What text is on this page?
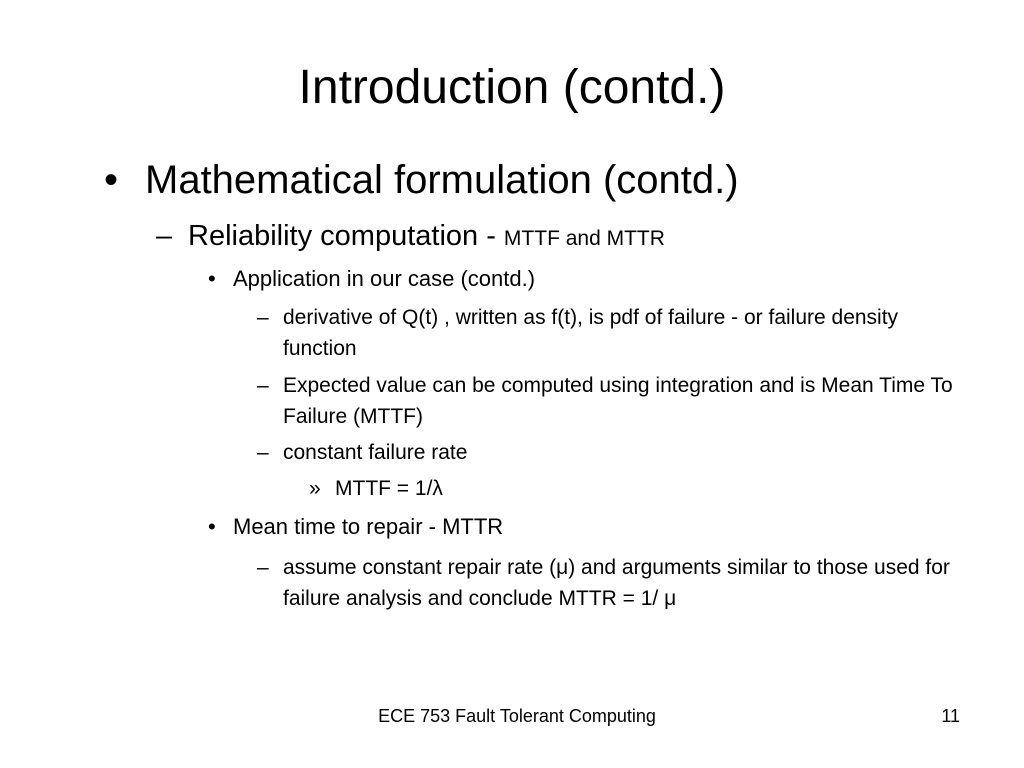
Introduction (contd.)
• Mathematical formulation (contd.)
– Reliability computation - MTTF and MTTR
• Application in our case (contd.)
– derivative of Q(t) , written as f(t), is pdf of failure - or failure density function
– Expected value can be computed using integration and is Mean Time To Failure (MTTF)
– constant failure rate
» MTTF = 1/λ
• Mean time to repair - MTTR
– assume constant repair rate (μ) and arguments similar to those used for failure analysis and conclude MTTR = 1/ μ
ECE 753 Fault Tolerant Computing	11
